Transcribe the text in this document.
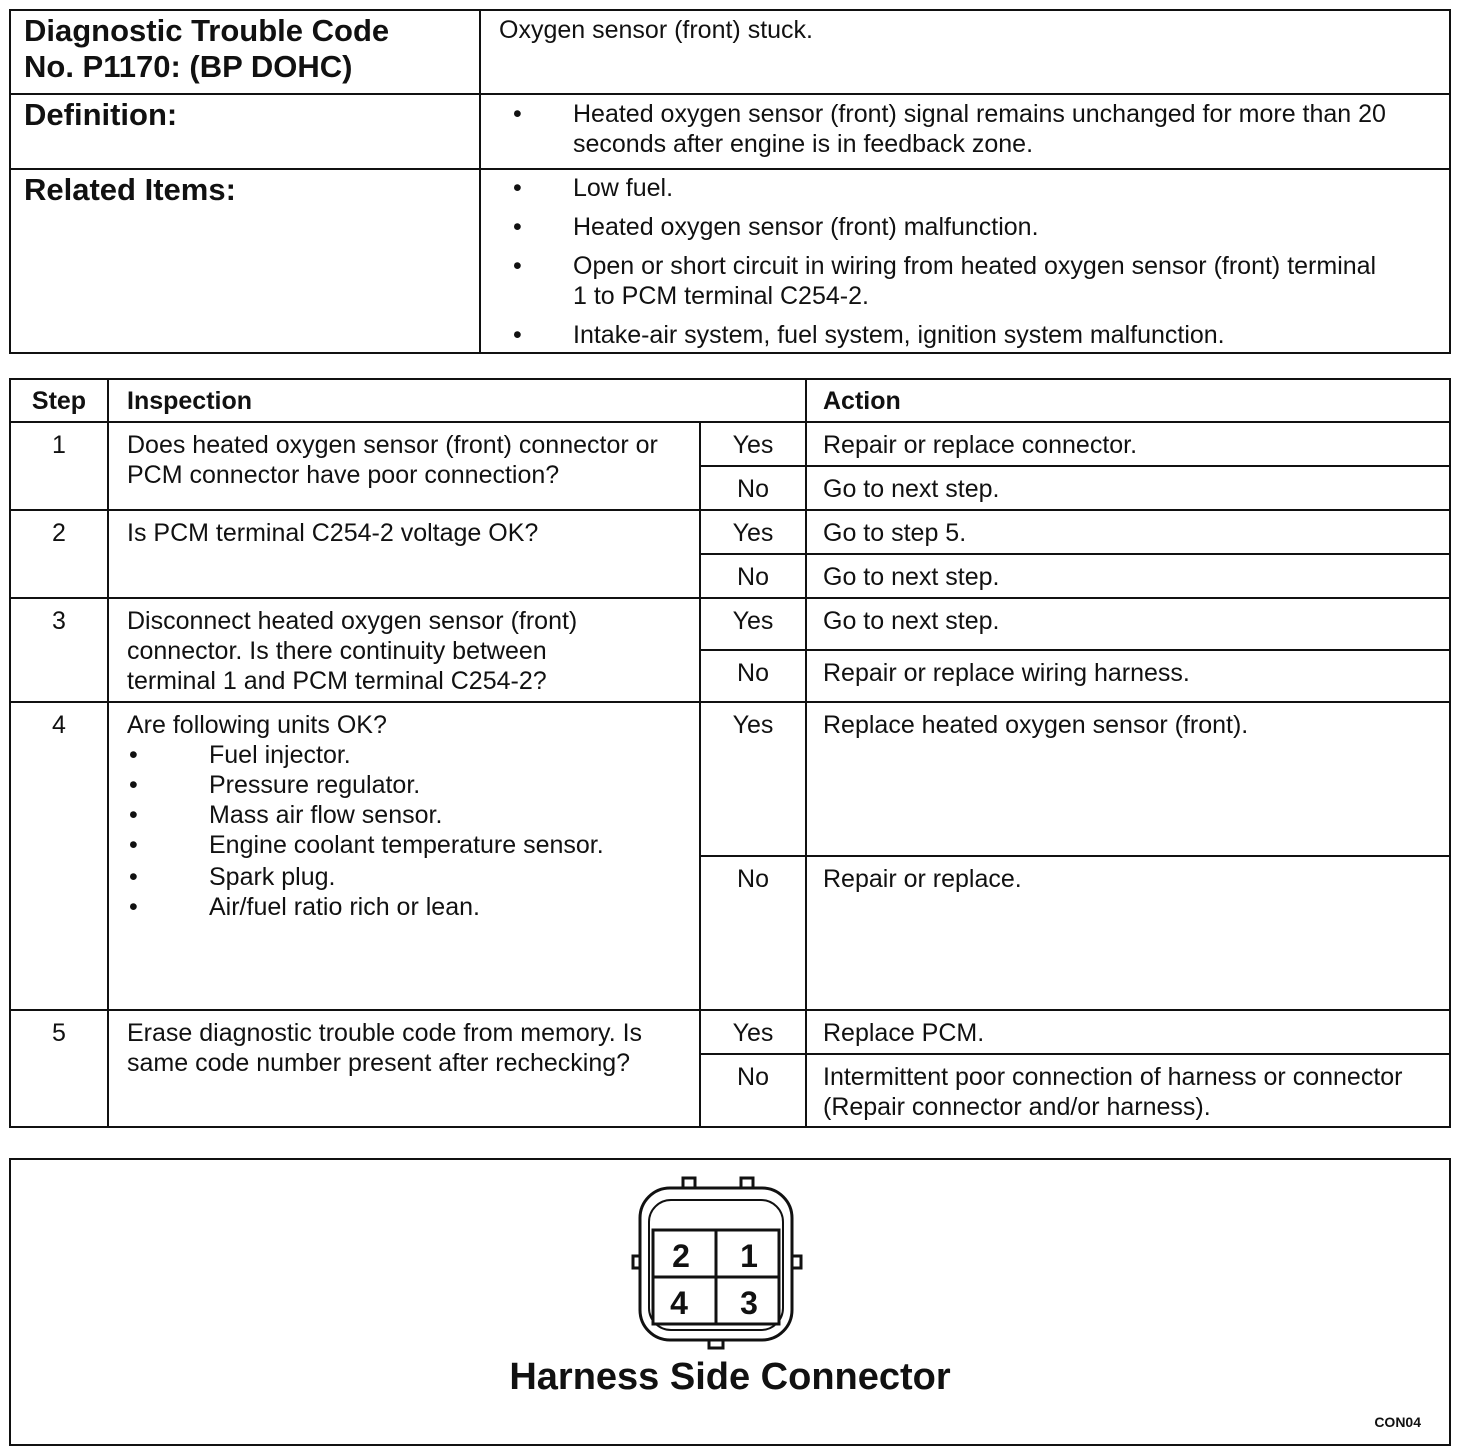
Diagnostic Trouble Code No. P1170: (BP DOHC)
Oxygen sensor (front) stuck.
Definition:	• Heated oxygen sensor (front) signal remains unchanged for more than 20 seconds after engine is in feedback zone.
Related Items:	• Low fuel.
• Heated oxygen sensor (front) malfunction.
• Open or short circuit in wiring from heated oxygen sensor (front) terminal 1 to PCM terminal C254-2.
• Intake-air system, fuel system, ignition system malfunction.
Step	Inspection	Action
1	Does heated oxygen sensor (front) connector or PCM connector have poor connection?
Yes	Repair or replace connector.
No	Go to next step.
2	Is PCM terminal C254-2 voltage OK?	Yes	Go to step 5.
No	Go to next step.
3	Disconnect heated oxygen sensor (front) connector. Is there continuity between terminal 1 and PCM terminal C254-2?
Yes	Go to next step.
No	Repair or replace wiring harness.
4	Are following units OK?
•	Fuel injector.
•	Pressure regulator.
•	Mass air flow sensor.
•	Engine coolant temperature sensor.
•	Spark plug.
•	Air/fuel ratio rich or lean.
Yes	Replace heated oxygen sensor (front).
No	Repair or replace.
5	Erase diagnostic trouble code from memory. Is same code number present after rechecking?
Yes	Replace PCM.
No	Intermittent poor connection of harness or connector (Repair connector and/or harness).
2 1
4 3
Harness Side Connector
CON04
